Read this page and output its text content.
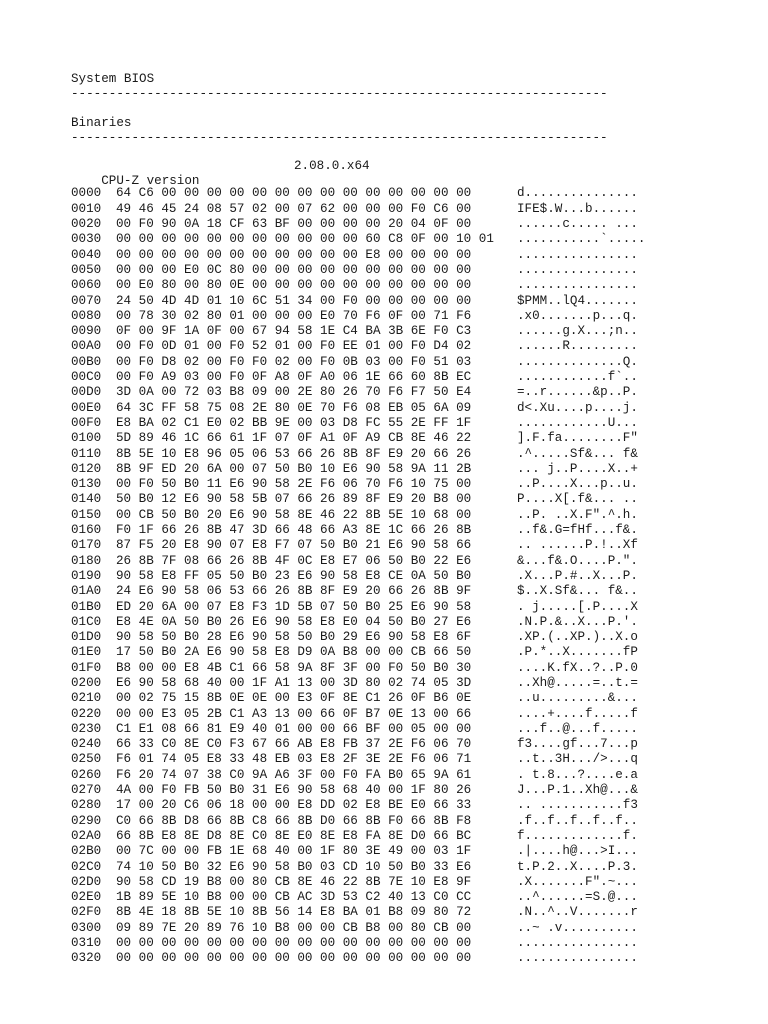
System BIOS
-----------------------------------------------------------------------
Binaries
-----------------------------------------------------------------------

CPU-Z version

2.08.0.x64

0000 64 C6 00 00 00 00 00 00 00 00 00 00 00 00 00 00	d...............
0010 49 46 45 24 08 57 02 00 07 62 00 00 00 F0 C6 00	IFE$.W...b......
0020 00 F0 90 0A 18 CF 63 BF 00 00 00 00 20 04 0F 00	......c..... ...
0030 00 00 00 00 00 00 00 00 00 00 00 60 C8 0F 00 10 01 ...........`.....
0040 00 00 00 00 00 00 00 00 00 00 00 E8 00 00 00 00	................
0050 00 00 00 E0 0C 80 00 00 00 00 00 00 00 00 00 00	................
0060 00 E0 80 00 80 0E 00 00 00 00 00 00 00 00 00 00	................
0070 24 50 4D 4D 01 10 6C 51 34 00 F0 00 00 00 00 00	$PMM..lQ4.......
0080 00 78 30 02 80 01 00 00 00 E0 70 F6 0F 00 71 F6	.x0.......p...q.
0090 0F 00 9F 1A 0F 00 67 94 58 1E C4 BA 3B 6E F0 C3	......g.X...;n..
00A0 00 F0 0D 01 00 F0 52 01 00 F0 EE 01 00 F0 D4 02	......R.........
00B0 00 F0 D8 02 00 F0 F0 02 00 F0 0B 03 00 F0 51 03	..............Q.
00C0 00 F0 A9 03 00 F0 0F A8 0F A0 06 1E 66 60 8B EC	............f`..
00D0 3D 0A 00 72 03 B8 09 00 2E 80 26 70 F6 F7 50 E4	=..r......&p..P.
00E0 64 3C FF 58 75 08 2E 80 0E 70 F6 08 EB 05 6A 09	d<.Xu....p....j.
00F0 E8 BA 02 C1 E0 02 BB 9E 00 03 D8 FC 55 2E FF 1F	............U...
0100 5D 89 46 1C 66 61 1F 07 0F A1 0F A9 CB 8E 46 22	].F.fa........F"
0110 8B 5E 10 E8 96 05 06 53 66 26 8B 8F E9 20 66 26	.^.....Sf&... f&
0120 8B 9F ED 20 6A 00 07 50 B0 10 E6 90 58 9A 11 2B	... j..P....X..+
0130 00 F0 50 B0 11 E6 90 58 2E F6 06 70 F6 10 75 00	..P....X...p..u.
0140 50 B0 12 E6 90 58 5B 07 66 26 89 8F E9 20 B8 00	P....X[.f&... ..
0150 00 CB 50 B0 20 E6 90 58 8E 46 22 8B 5E 10 68 00	..P. ..X.F".^.h.
0160 F0 1F 66 26 8B 47 3D 66 48 66 A3 8E 1C 66 26 8B	..f&.G=fHf...f&.
0170 87 F5 20 E8 90 07 E8 F7 07 50 B0 21 E6 90 58 66	.. ......P.!..Xf
0180 26 8B 7F 08 66 26 8B 4F 0C E8 E7 06 50 B0 22 E6	&...f&.O....P.".
0190 90 58 E8 FF 05 50 B0 23 E6 90 58 E8 CE 0A 50 B0	.X...P.#..X...P.
01A0 24 E6 90 58 06 53 66 26 8B 8F E9 20 66 26 8B 9F	$..X.Sf&... f&..
01B0 ED 20 6A 00 07 E8 F3 1D 5B 07 50 B0 25 E6 90 58	. j.....[.P....X
01C0 E8 4E 0A 50 B0 26 E6 90 58 E8 E0 04 50 B0 27 E6	.N.P.&..X...P.'.
01D0 90 58 50 B0 28 E6 90 58 50 B0 29 E6 90 58 E8 6F	.XP.(..XP.)..X.o
01E0 17 50 B0 2A E6 90 58 E8 D9 0A B8 00 00 CB 66 50	.P.*..X.......fP
01F0 B8 00 00 E8 4B C1 66 58 9A 8F 3F 00 F0 50 B0 30	....K.fX..?..P.0
0200 E6 90 58 68 40 00 1F A1 13 00 3D 80 02 74 05 3D	..Xh@.....=..t.=
0210 00 02 75 15 8B 0E 0E 00 E3 0F 8E C1 26 0F B6 0E	..u.........&...
0220 00 00 E3 05 2B C1 A3 13 00 66 0F B7 0E 13 00 66	....+....f.....f
0230 C1 E1 08 66 81 E9 40 01 00 00 66 BF 00 05 00 00	...f..@...f.....
0240 66 33 C0 8E C0 F3 67 66 AB E8 FB 37 2E F6 06 70	f3....gf...7...p
0250 F6 01 74 05 E8 33 48 EB 03 E8 2F 3E 2E F6 06 71	..t..3H.../>...q
0260 F6 20 74 07 38 C0 9A A6 3F 00 F0 FA B0 65 9A 61	. t.8...?....e.a
0270 4A 00 F0 FB 50 B0 31 E6 90 58 68 40 00 1F 80 26	J...P.1..Xh@...&
0280 17 00 20 C6 06 18 00 00 E8 DD 02 E8 BE E0 66 33	.. ...........f3
0290 C0 66 8B D8 66 8B C8 66 8B D0 66 8B F0 66 8B F8	.f..f..f..f..f..
02A0 66 8B E8 8E D8 8E C0 8E E0 8E E8 FA 8E D0 66 BC	f.............f.
02B0 00 7C 00 00 FB 1E 68 40 00 1F 80 3E 49 00 03 1F	.|....h@...>I...
02C0 74 10 50 B0 32 E6 90 58 B0 03 CD 10 50 B0 33 E6	t.P.2..X....P.3.
02D0 90 58 CD 19 B8 00 80 CB 8E 46 22 8B 7E 10 E8 9F	.X.......F".~...
02E0 1B 89 5E 10 B8 00 00 CB AC 3D 53 C2 40 13 C0 CC	..^......=S.@...
02F0 8B 4E 18 8B 5E 10 8B 56 14 E8 BA 01 B8 09 80 72	.N..^..V.......r
0300 09 89 7E 20 89 76 10 B8 00 00 CB B8 00 80 CB 00	..~ .v..........
0310 00 00 00 00 00 00 00 00 00 00 00 00 00 00 00 00	................
0320 00 00 00 00 00 00 00 00 00 00 00 00 00 00 00 00	................
